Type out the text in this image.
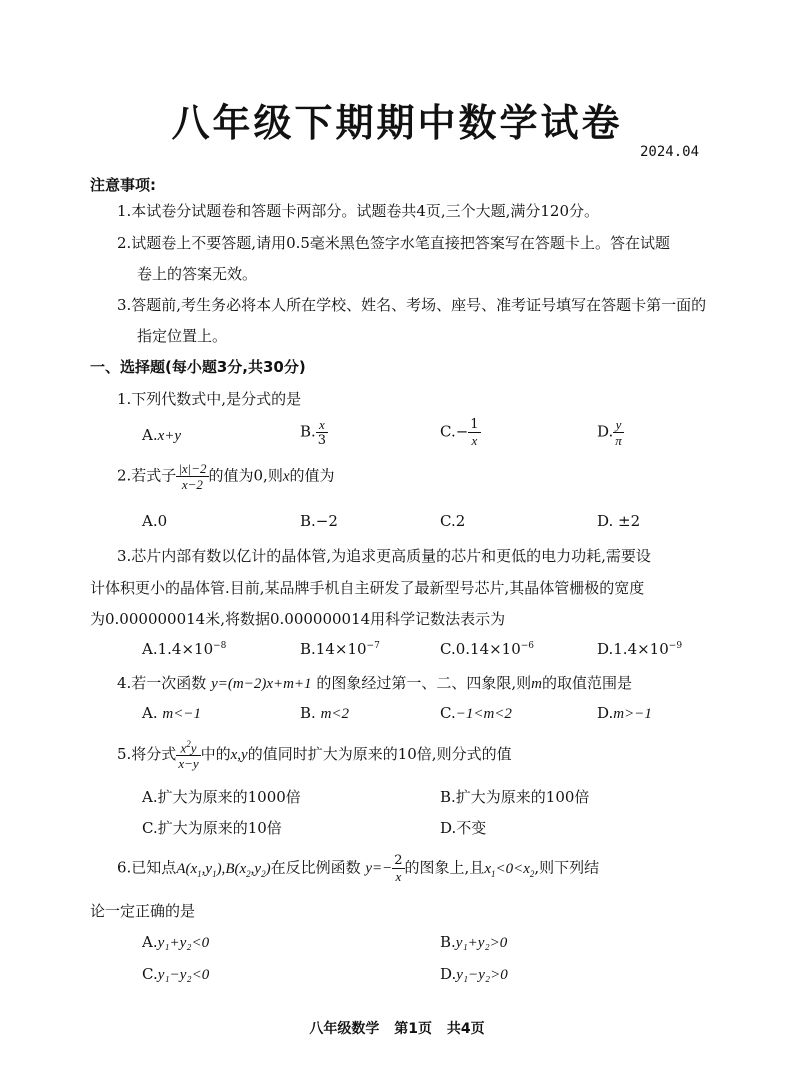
八年级下期期中数学试卷
2024.04
注意事项:
1.本试卷分试题卷和答题卡两部分。试题卷共4页,三个大题,满分120分。
2.试题卷上不要答题,请用0.5毫米黑色签字水笔直接把答案写在答题卡上。答在试题
卷上的答案无效。
3.答题前,考生务必将本人所在学校、姓名、考场、座号、准考证号填写在答题卡第一面的
指定位置上。
一、选择题(每小题3分,共30分)
1.下列代数式中,是分式的是
A.x+y	B. $\frac{x}{3}$	$C.- \frac{1}{x}$	D. $\frac{y}{\pi}$
2.若式子 $\frac{|x|-2}{x-2}$ 的值为0,则x的值为
A.0	B.−2	C.2	D. ±2
3.芯片内部有数以亿计的晶体管,为追求更高质量的芯片和更低的电力功耗,需要设
计体积更小的晶体管.目前,某品牌手机自主研发了最新型号芯片,其晶体管栅极的宽度
为0.000000014米,将数据0.000000014用科学记数法表示为
$A.1.4\times 10^{-8}$	$B.14\times 10^{-7}$	$C.0.14\times 10^{-6}$	$D.1.4\times 10^{-9}$
4.若一次函数 y=(m−2)x+m+1 的图象经过第一、二、四象限,则m的取值范围是
A. m<−1	B. m<2	C.−1<m<2	D.m>−1
5.将分式 $\frac{x^2y}{x-y}$ 中的x,y的值同时扩大为原来的10倍,则分式的值
A.扩大为原来的1000倍	B.扩大为原来的100倍
C.扩大为原来的10倍	D.不变
6.已知点$A(x_1,y_1),B(x_2,y_2)$在反比例函数 $y=- \frac{2}{x}$ 的图象上,且$x_1<0<x_2$,则下列结
论一定正确的是
A.y₁+y₂<0	B.y₁+y₂>0
C.y₁−y₂<0	D.y₁−y₂>0
八年级数学 第1页 共4页
